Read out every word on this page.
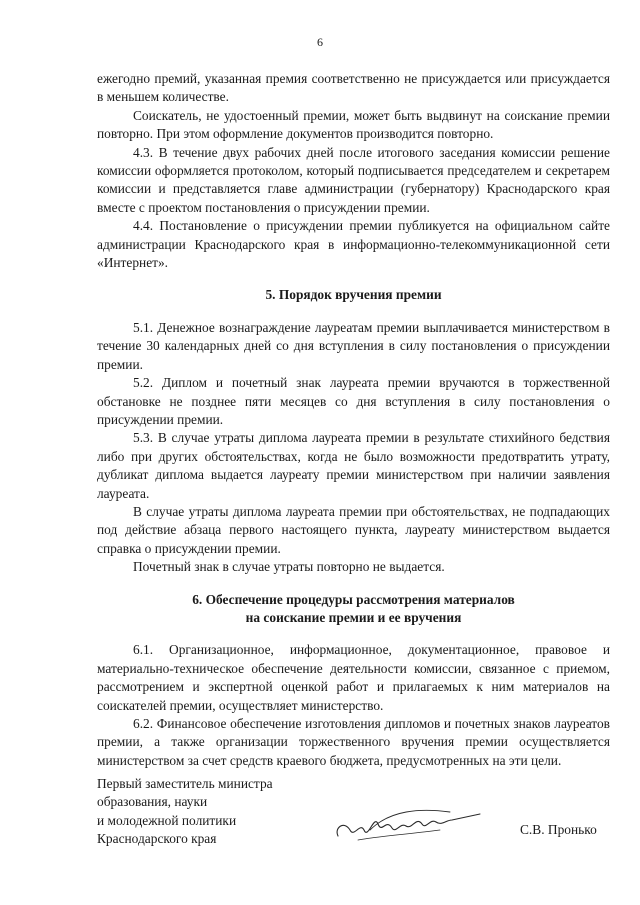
6

ежегодно премий, указанная премия соответственно не присуждается или присуждается в меньшем количестве.

Соискатель, не удостоенный премии, может быть выдвинут на соискание премии повторно. При этом оформление документов производится повторно.

4.3. В течение двух рабочих дней после итогового заседания комиссии решение комиссии оформляется протоколом, который подписывается председателем и секретарем комиссии и представляется главе администрации (губернатору) Краснодарского края вместе с проектом постановления о присуждении премии.

4.4. Постановление о присуждении премии публикуется на официальном сайте администрации Краснодарского края в информационно-телекоммуникационной сети «Интернет».

5. Порядок вручения премии

5.1. Денежное вознаграждение лауреатам премии выплачивается министерством в течение 30 календарных дней со дня вступления в силу постановления о присуждении премии.

5.2. Диплом и почетный знак лауреата премии вручаются в торжественной обстановке не позднее пяти месяцев со дня вступления в силу постановления о присуждении премии.

5.3. В случае утраты диплома лауреата премии в результате стихийного бедствия либо при других обстоятельствах, когда не было возможности предотвратить утрату, дубликат диплома выдается лауреату премии министерством при наличии заявления лауреата.

В случае утраты диплома лауреата премии при обстоятельствах, не подпадающих под действие абзаца первого настоящего пункта, лауреату министерством выдается справка о присуждении премии.

Почетный знак в случае утраты повторно не выдается.

6. Обеспечение процедуры рассмотрения материалов

на соискание премии и ее вручения

6.1. Организационное, информационное, документационное, правовое и материально-техническое обеспечение деятельности комиссии, связанное с приемом, рассмотрением и экспертной оценкой работ и прилагаемых к ним материалов на соискателей премии, осуществляет министерство.

6.2. Финансовое обеспечение изготовления дипломов и почетных знаков лауреатов премии, а также организации торжественного вручения премии осуществляется министерством за счет средств краевого бюджета, предусмотренных на эти цели.

Первый заместитель министра
образования, науки
и молодежной политики
Краснодарского края
С.В. Пронько
